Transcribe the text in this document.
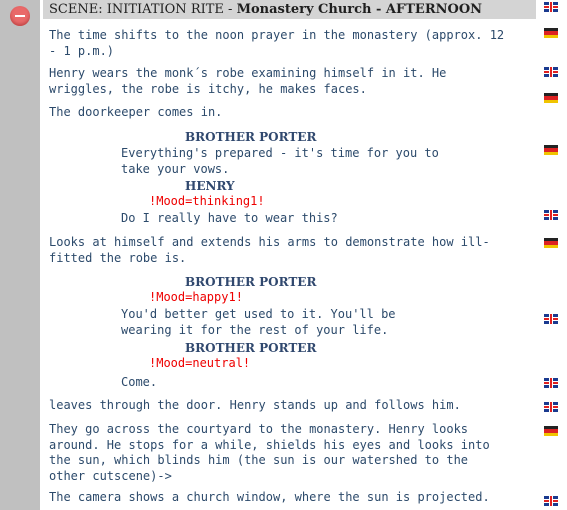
SCENE: INITIATION RITE - Monastery Church - AFTERNOON
The time shifts to the noon prayer in the monastery (approx. 12
- 1 p.m.)
Henry wears the monk´s robe examining himself in it. He
wriggles, the robe is itchy, he makes faces.
The doorkeeper comes in.
BROTHER PORTER
Everything's prepared - it's time for you to
take your vows.
HENRY
!Mood=thinking1!
Do I really have to wear this?
Looks at himself and extends his arms to demonstrate how ill-
fitted the robe is.
BROTHER PORTER
!Mood=happy1!
You'd better get used to it. You'll be
wearing it for the rest of your life.
BROTHER PORTER
!Mood=neutral!
Come.
leaves through the door. Henry stands up and follows him.
They go across the courtyard to the monastery. Henry looks
around. He stops for a while, shields his eyes and looks into
the sun, which blinds him (the sun is our watershed to the
other cutscene)->
The camera shows a church window, where the sun is projected.
